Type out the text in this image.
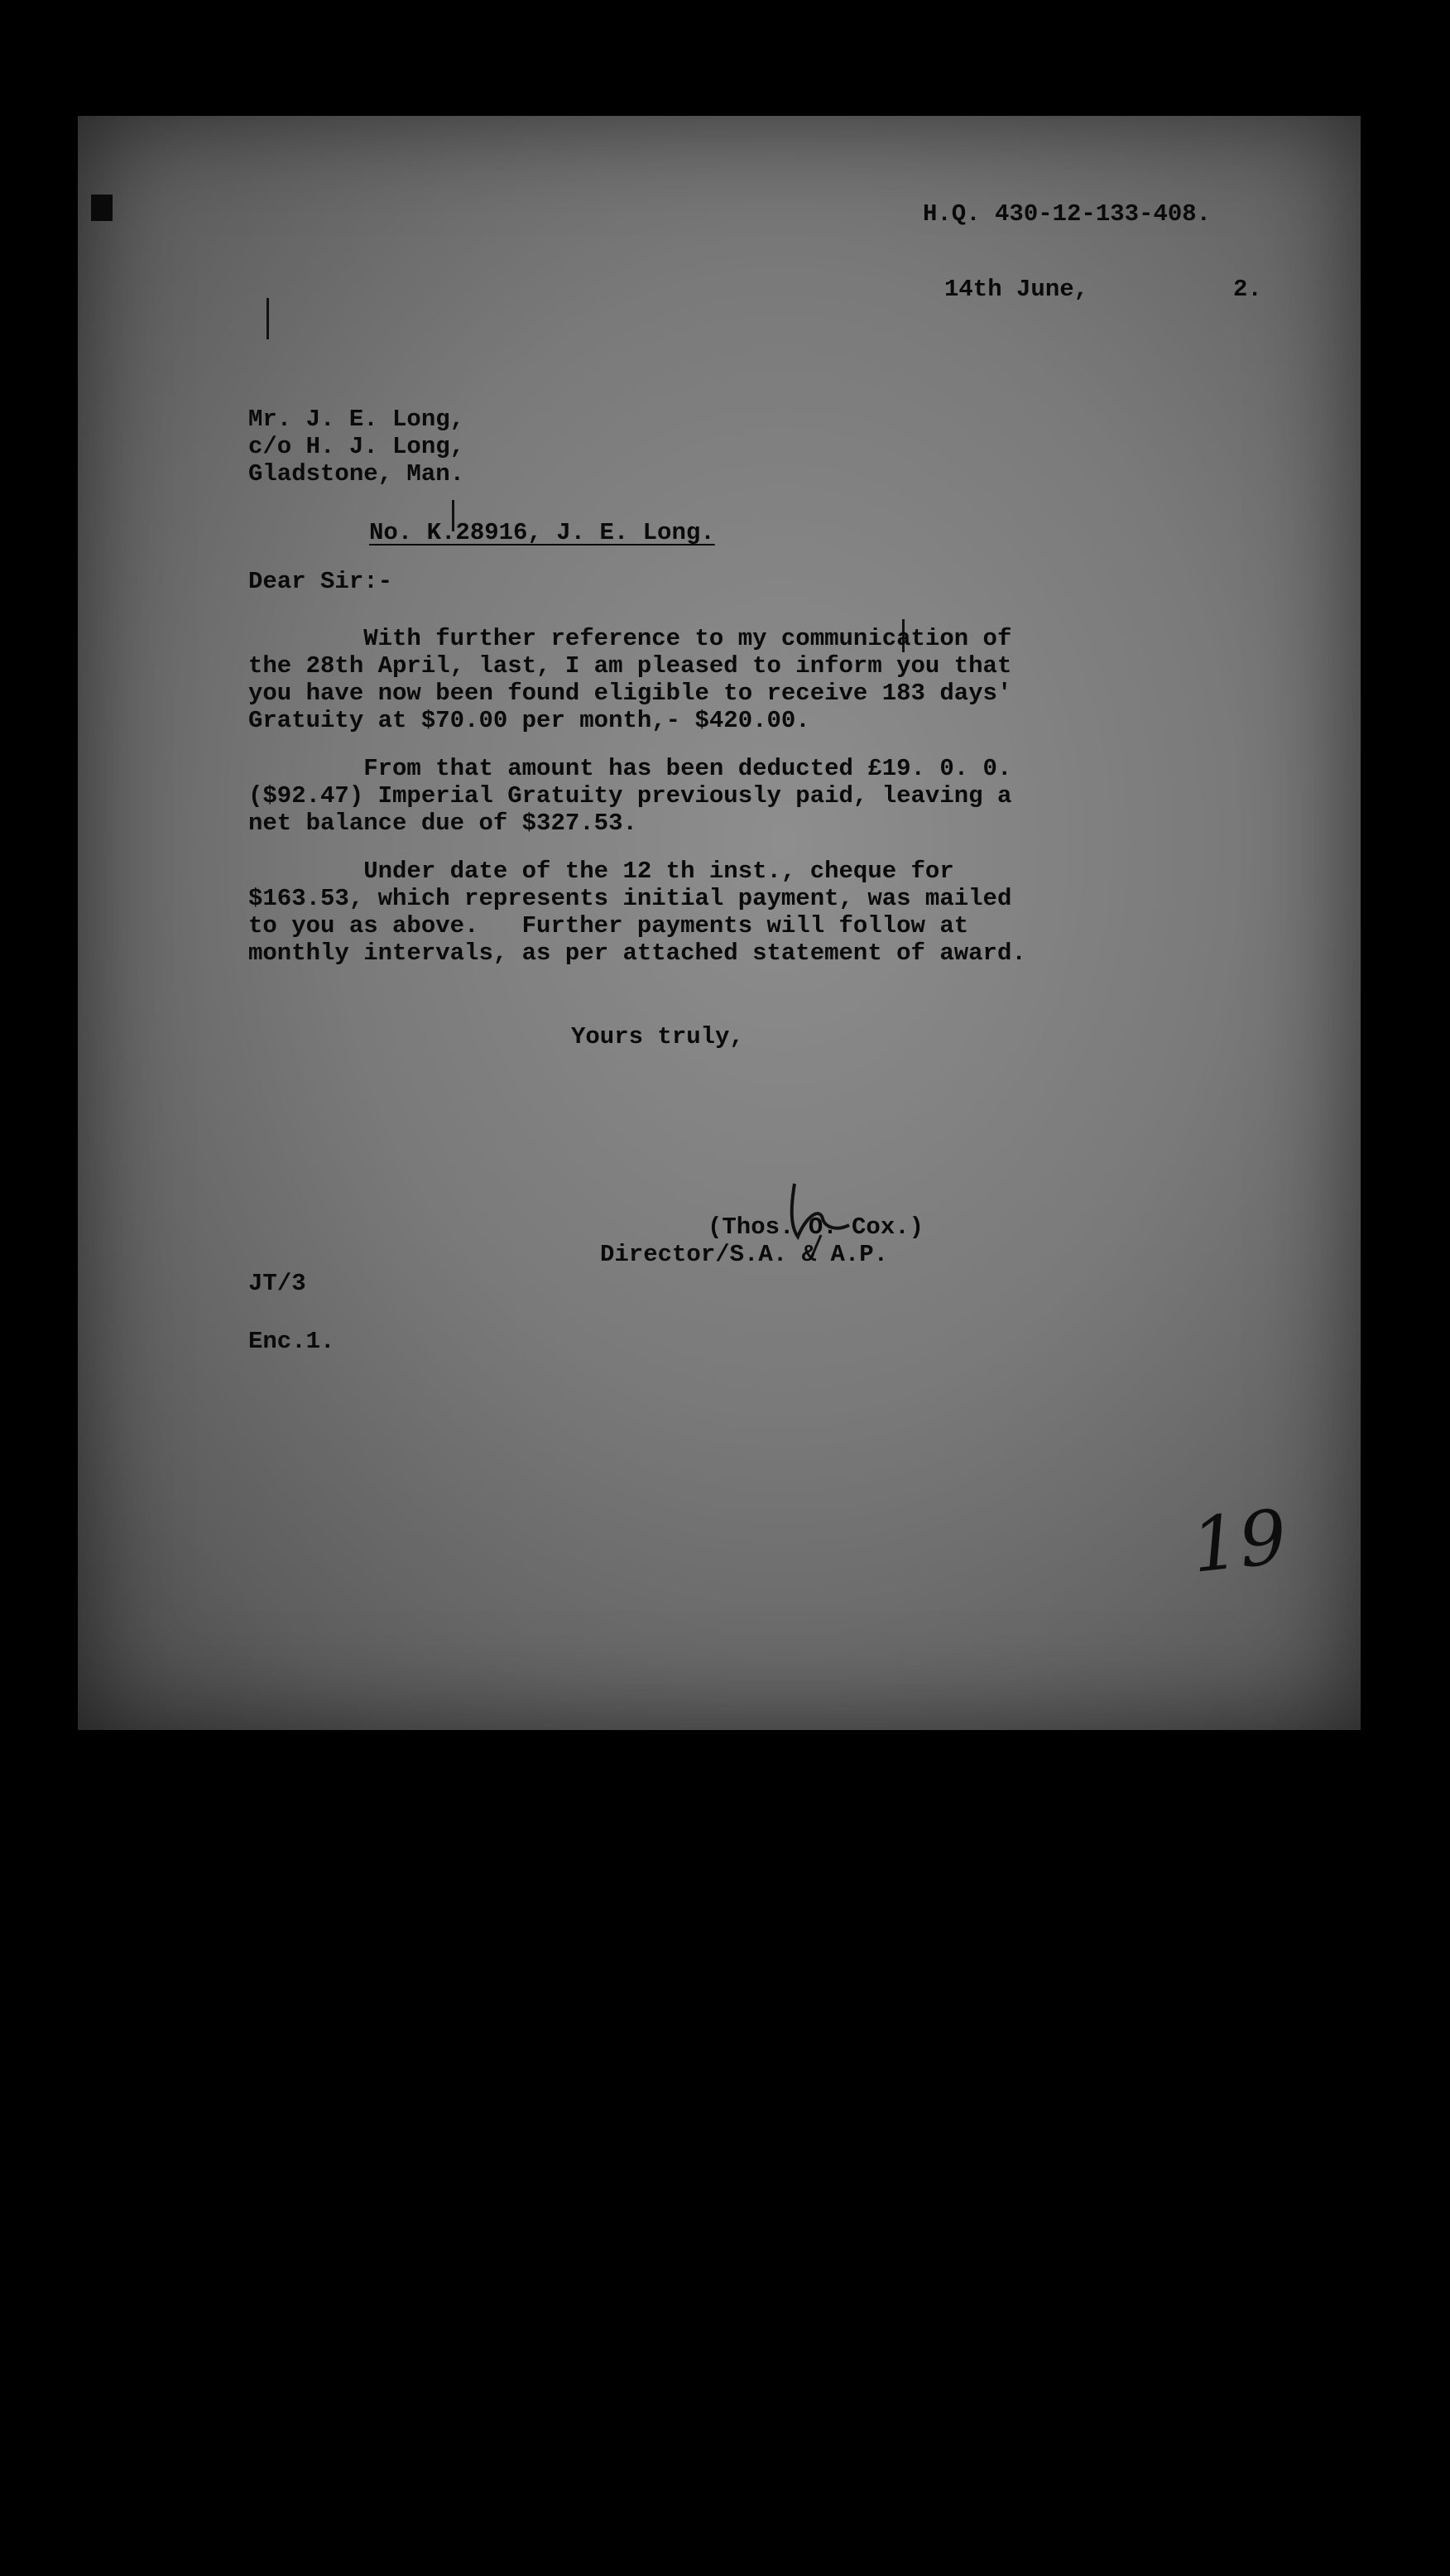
H.Q. 430-12-133-408.
14th June,	2.
Mr. J. E. Long,
c/o H. J. Long,
Gladstone, Man.
No. K.28916, J. E. Long.
Dear Sir:-
With further reference to my communication of
the 28th April, last, I am pleased to inform you that
you have now been found eligible to receive 183 days'
Gratuity at $70.00 per month,- $420.00.
From that amount has been deducted £19. 0. 0.
($92.47) Imperial Gratuity previously paid, leaving a
net balance due of $327.53.
Under date of the 12 th inst., cheque for
$163.53, which represents initial payment, was mailed
to you as above.   Further payments will follow at
monthly intervals, as per attached statement of award.
Yours truly,
(Thos. O. Cox.)
Director/S.A. & A.P.
JT/3
Enc.1.
19
